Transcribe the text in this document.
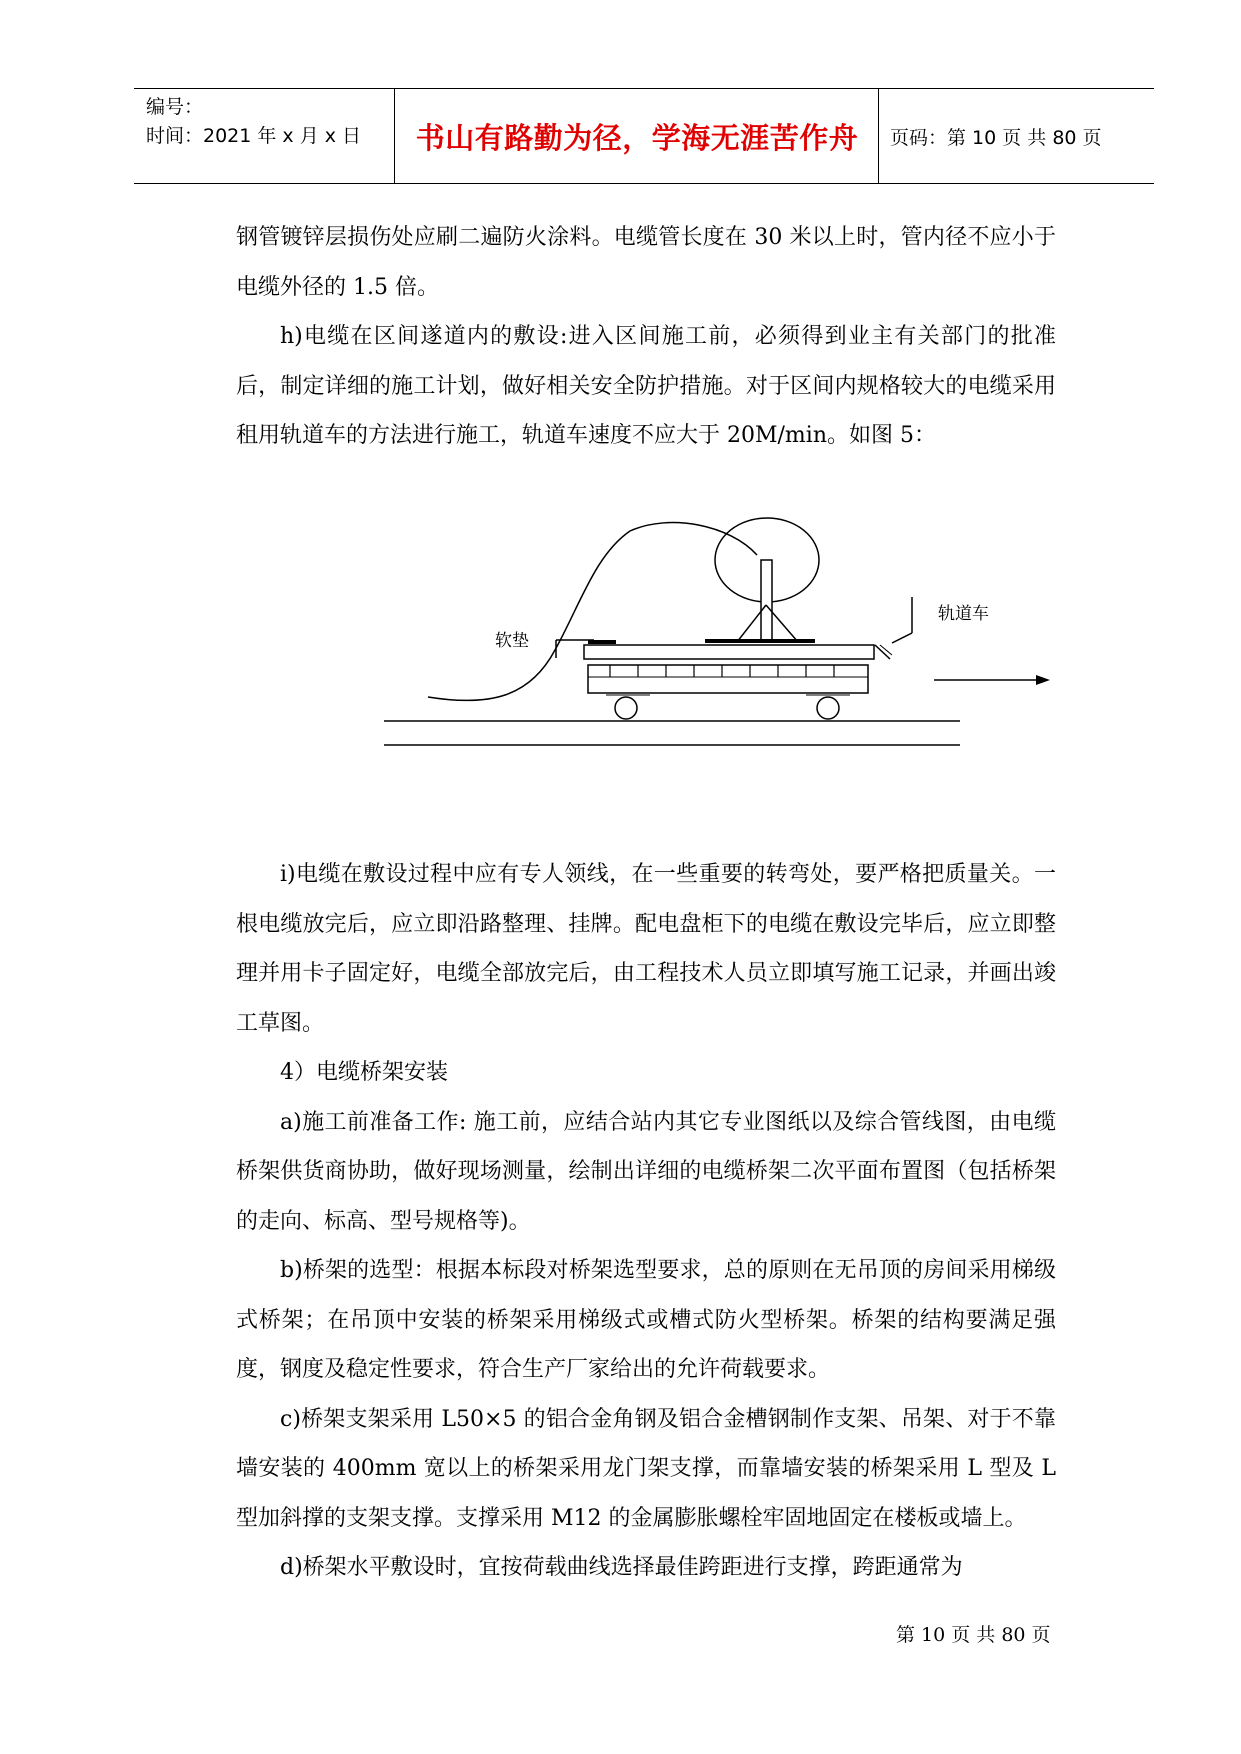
编号：
时间：2021 年 x 月 x 日	书山有路勤为径，学海无涯苦作舟	页码：第 10 页 共 80 页

钢管镀锌层损伤处应刷二遍防火涂料。电缆管长度在 30 米以上时，管内径不应小于电缆外径的 1.5 倍。

h)电缆在区间遂道内的敷设:进入区间施工前，必须得到业主有关部门的批准后，制定详细的施工计划，做好相关安全防护措施。对于区间内规格较大的电缆采用租用轨道车的方法进行施工，轨道车速度不应大于 20M/min。如图 5：

软垫
轨道车

i)电缆在敷设过程中应有专人领线，在一些重要的转弯处，要严格把质量关。一根电缆放完后，应立即沿路整理、挂牌。配电盘柜下的电缆在敷设完毕后，应立即整理并用卡子固定好，电缆全部放完后，由工程技术人员立即填写施工记录，并画出竣工草图。

4）电缆桥架安装

a)施工前准备工作: 施工前，应结合站内其它专业图纸以及综合管线图，由电缆桥架供货商协助，做好现场测量，绘制出详细的电缆桥架二次平面布置图（包括桥架的走向、标高、型号规格等)。

b)桥架的选型：根据本标段对桥架选型要求，总的原则在无吊顶的房间采用梯级式桥架；在吊顶中安装的桥架采用梯级式或槽式防火型桥架。桥架的结构要满足强度，钢度及稳定性要求，符合生产厂家给出的允许荷载要求。

c)桥架支架采用 L50×5 的铝合金角钢及铝合金槽钢制作支架、吊架、对于不靠墙安装的 400mm 宽以上的桥架采用龙门架支撑，而靠墙安装的桥架采用 L 型及 L 型加斜撑的支架支撑。支撑采用 M12 的金属膨胀螺栓牢固地固定在楼板或墙上。

d)桥架水平敷设时，宜按荷载曲线选择最佳跨距进行支撑，跨距通常为

第 10 页 共 80 页
